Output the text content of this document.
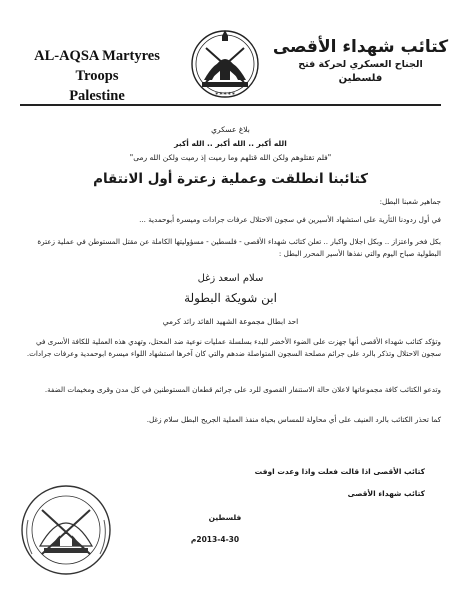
AL-AQSA Martyres Troops
Palestine	∗∗∗∗∗
كتائب شهداء الأقصى
الجناح العسكري لحركة فتح
فلسطين
بلاغ عسكري
الله أكبر .. الله أكبر .. الله أكبر
"فلم تقتلوهم ولكن الله قتلهم وما رميت إذ رميت ولكن الله رمى"
كتائبنا انطلقت وعملية زعترة أول الانتقام
جماهير شعبنا البطل:
في أول ردودنا الثأرية على استشهاد الأسيرين في سجون الاحتلال عرفات جرادات وميسرة أبوحمدية ...
بكل فخر واعتزاز .. وبكل اجلال واكبار .. تعلن كتائب شهداء الأقصى - فلسطين - مسؤوليتها الكاملة عن مقتل المستوطن في عملية زعترة البطولية صباح اليوم والتي نفذها الأسير المحرر البطل :
سلام اسعد زغل
ابن شويكة البطولة
احد ابطال مجموعة الشهيد القائد رائد كرمي
وتؤكد كتائب شهداء الأقصى أنها جهزت على الضوء الأخضر للبدء بسلسلة عمليات نوعية ضد المحتل، وتهدي هذه العملية للكافة الأسرى في سجون الاحتلال وتذكر بالرد على جرائم مصلحة السجون المتواصلة ضدهم والتي كان آخرها استشهاد اللواء ميسرة ابوحمدية وعرفات جرادات.
وتدعو الكتائب كافة مجموعاتها لاعلان حالة الاستنفار القصوى للرد على جرائم قطعان المستوطنين في كل مدن وقرى ومخيمات الضفة.
كما تحذر الكتائب بالرد العنيف على أي محاولة للمساس بحياة منفذ العملية الجريح البطل سلام زغل.
كتائب الأقصى اذا قالت فعلت واذا وعدت اوفت
كتائب شهداء الأقصى
فلسطين
2013-4-30م
